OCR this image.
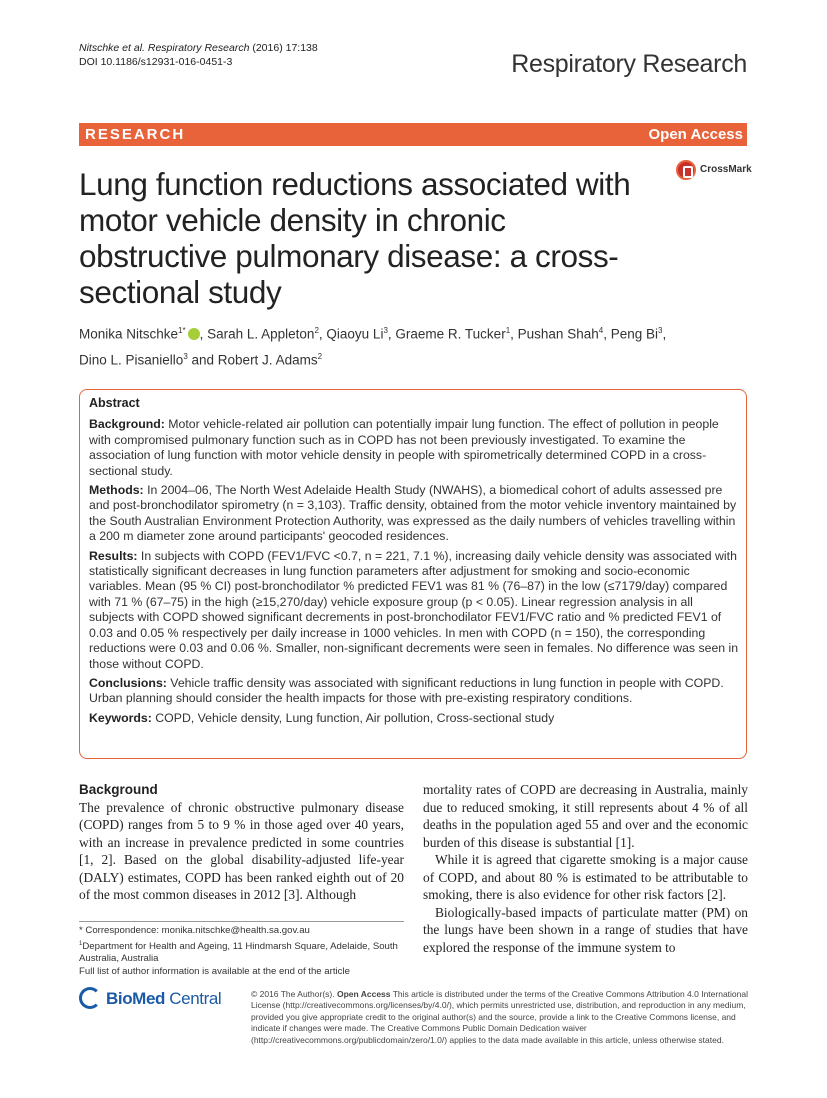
Nitschke et al. Respiratory Research (2016) 17:138
DOI 10.1186/s12931-016-0451-3	Respiratory Research
RESEARCH	Open Access
Lung function reductions associated with motor vehicle density in chronic obstructive pulmonary disease: a cross-sectional study
CrossMark
Monika Nitschke$^{1*}$ , Sarah L. Appleton$^2$, Qiaoyu Li$^3$, Graeme R. Tucker$^1$, Pushan Shah$^4$, Peng Bi$^3$,
Dino L. Pisaniello$^3$ and Robert J. Adams$^2$

Abstract

Background: Motor vehicle-related air pollution can potentially impair lung function. The effect of pollution in people with compromised pulmonary function such as in COPD has not been previously investigated. To examine the association of lung function with motor vehicle density in people with spirometrically determined COPD in a cross-sectional study.

Methods: In 2004–06, The North West Adelaide Health Study (NWAHS), a biomedical cohort of adults assessed pre and post-bronchodilator spirometry (n = 3,103). Traffic density, obtained from the motor vehicle inventory maintained by the South Australian Environment Protection Authority, was expressed as the daily numbers of vehicles travelling within a 200 m diameter zone around participants' geocoded residences.

Results: In subjects with COPD (FEV1/FVC <0.7, n = 221, 7.1 %), increasing daily vehicle density was associated with statistically significant decreases in lung function parameters after adjustment for smoking and socio-economic variables. Mean (95 % CI) post-bronchodilator % predicted FEV1 was 81 % (76–87) in the low (≤7179/day) compared with 71 % (67–75) in the high (≥15,270/day) vehicle exposure group (p < 0.05). Linear regression analysis in all subjects with COPD showed significant decrements in post-bronchodilator FEV1/FVC ratio and % predicted FEV1 of 0.03 and 0.05 % respectively per daily increase in 1000 vehicles. In men with COPD (n = 150), the corresponding reductions were 0.03 and 0.06 %. Smaller, non-significant decrements were seen in females. No difference was seen in those without COPD.

Conclusions: Vehicle traffic density was associated with significant reductions in lung function in people with COPD. Urban planning should consider the health impacts for those with pre-existing respiratory conditions.

Keywords: COPD, Vehicle density, Lung function, Air pollution, Cross-sectional study

Background

The prevalence of chronic obstructive pulmonary disease (COPD) ranges from 5 to 9 % in those aged over 40 years, with an increase in prevalence predicted in some countries [1, 2]. Based on the global disability-adjusted life-year (DALY) estimates, COPD has been ranked eighth out of 20 of the most common diseases in 2012 [3]. Although

mortality rates of COPD are decreasing in Australia, mainly due to reduced smoking, it still represents about 4 % of all deaths in the population aged 55 and over and the economic burden of this disease is substantial [1].

While it is agreed that cigarette smoking is a major cause of COPD, and about 80 % is estimated to be attributable to smoking, there is also evidence for other risk factors [2].

Biologically-based impacts of particulate matter (PM) on the lungs have been shown in a range of studies that have explored the response of the immune system to

* Correspondence: monika.nitschke@health.sa.gov.au

$^1$Department for Health and Ageing, 11 Hindmarsh Square, Adelaide, South Australia, Australia

Full list of author information is available at the end of the article

BioMed Central	© 2016 The Author(s). Open Access This article is distributed under the terms of the Creative Commons Attribution 4.0 International License (http://creativecommons.org/licenses/by/4.0/), which permits unrestricted use, distribution, and reproduction in any medium, provided you give appropriate credit to the original author(s) and the source, provide a link to the Creative Commons license, and indicate if changes were made. The Creative Commons Public Domain Dedication waiver (http://creativecommons.org/publicdomain/zero/1.0/) applies to the data made available in this article, unless otherwise stated.
